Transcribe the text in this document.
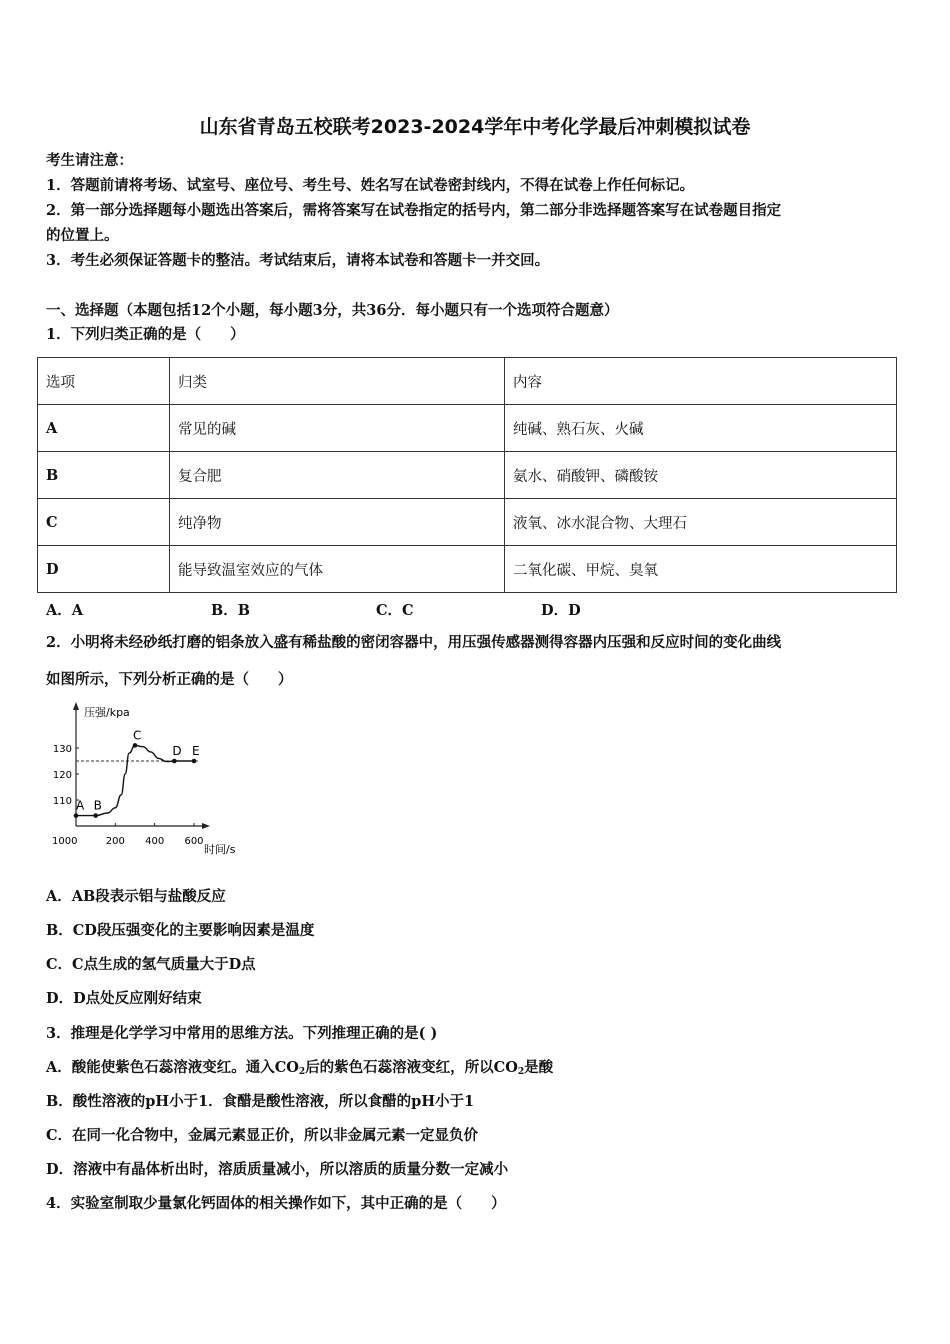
山东省青岛五校联考2023-2024学年中考化学最后冲刺模拟试卷
考生请注意：
1．答题前请将考场、试室号、座位号、考生号、姓名写在试卷密封线内，不得在试卷上作任何标记。
2．第一部分选择题每小题选出答案后，需将答案写在试卷指定的括号内，第二部分非选择题答案写在试卷题目指定
的位置上。
3．考生必须保证答题卡的整洁。考试结束后，请将本试卷和答题卡一并交回。
一、选择题（本题包括12个小题，每小题3分，共36分．每小题只有一个选项符合题意）
1．下列归类正确的是（　　）
选项	归类	内容
A	常见的碱	纯碱、熟石灰、火碱
B	复合肥	氨水、硝酸钾、磷酸铵
C	纯净物	液氧、冰水混合物、大理石
D	能导致温室效应的气体	二氧化碳、甲烷、臭氧
A．A	B．B	C．C	D．D
2．小明将未经砂纸打磨的铝条放入盛有稀盐酸的密闭容器中，用压强传感器测得容器内压强和反应时间的变化曲线
如图所示，下列分析正确的是（　　）
压强/kpa
时间/s
1000	200 400 600
110
120
130
A B
C
D E
A．AB段表示铝与盐酸反应
B．CD段压强变化的主要影响因素是温度
C．C点生成的氢气质量大于D点
D．D点处反应刚好结束
3．推理是化学学习中常用的思维方法。下列推理正确的是( )
A．酸能使紫色石蕊溶液变红。通入$CO_2$后的紫色石蕊溶液变红，所以$CO_2$是酸
B．酸性溶液的pH小于1．食醋是酸性溶液，所以食醋的pH小于1
C．在同一化合物中，金属元素显正价，所以非金属元素一定显负价
D．溶液中有晶体析出时，溶质质量减小，所以溶质的质量分数一定减小
4．实验室制取少量氯化钙固体的相关操作如下，其中正确的是（　　）
